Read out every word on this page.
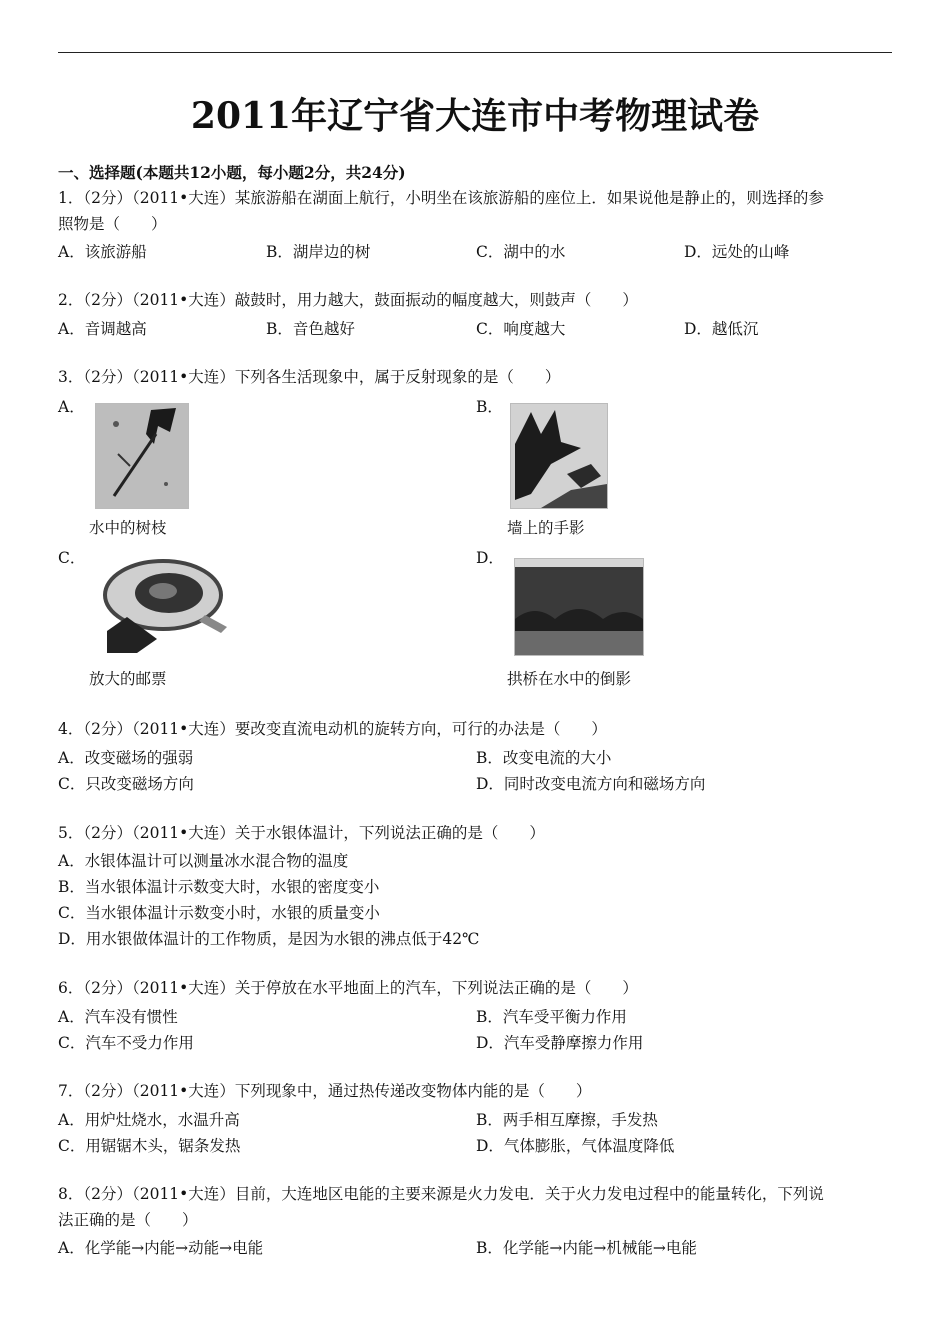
2011年辽宁省大连市中考物理试卷
一、选择题(本题共12小题，每小题2分，共24分)
1．（2分）（2011•大连）某旅游船在湖面上航行，小明坐在该旅游船的座位上．如果说他是静止的，则选择的参
照物是（　　）
A．该旅游船	B．湖岸边的树	C．湖中的水	D．远处的山峰
2．（2分）（2011•大连）敲鼓时，用力越大，鼓面振动的幅度越大，则鼓声（　　）
A．音调越高	B．音色越好	C．响度越大	D．越低沉
3．（2分）（2011•大连）下列各生活现象中，属于反射现象的是（　　）
A．	B．
水中的树枝	墙上的手影
C．	D．
放大的邮票	拱桥在水中的倒影
4．（2分）（2011•大连）要改变直流电动机的旋转方向，可行的办法是（　　）
A．改变磁场的强弱	B．改变电流的大小
C．只改变磁场方向	D．同时改变电流方向和磁场方向
5．（2分）（2011•大连）关于水银体温计，下列说法正确的是（　　）
A．水银体温计可以测量冰水混合物的温度
B．当水银体温计示数变大时，水银的密度变小
C．当水银体温计示数变小时，水银的质量变小
D．用水银做体温计的工作物质，是因为水银的沸点低于42℃
6．（2分）（2011•大连）关于停放在水平地面上的汽车，下列说法正确的是（　　）
A．汽车没有惯性	B．汽车受平衡力作用
C．汽车不受力作用	D．汽车受静摩擦力作用
7．（2分）（2011•大连）下列现象中，通过热传递改变物体内能的是（　　）
A．用炉灶烧水，水温升高	B．两手相互摩擦，手发热
C．用锯锯木头，锯条发热	D．气体膨胀，气体温度降低
8．（2分）（2011•大连）目前，大连地区电能的主要来源是火力发电．关于火力发电过程中的能量转化，下列说
法正确的是（　　）
A．化学能→内能→动能→电能	B．化学能→内能→机械能→电能
